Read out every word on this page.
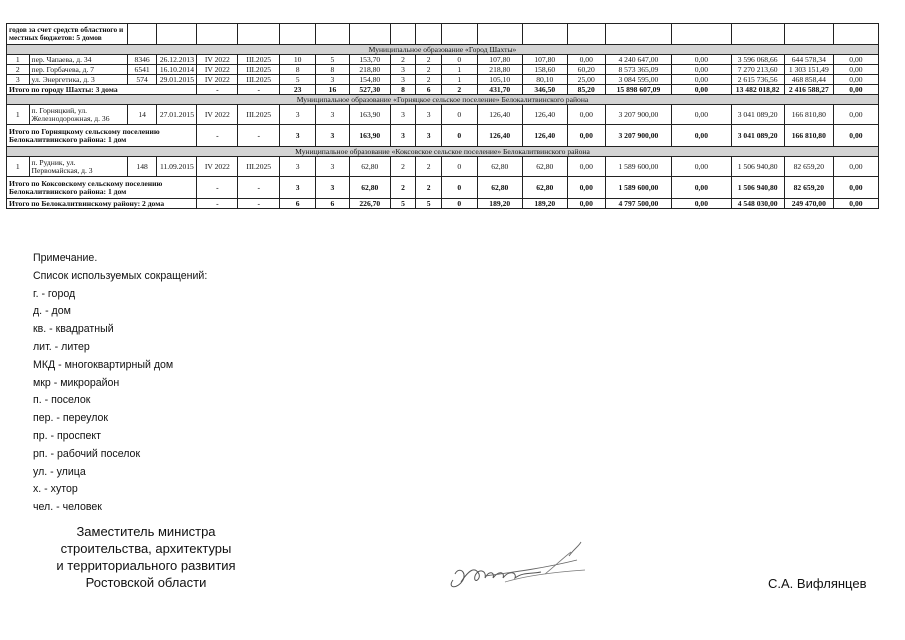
годов за счет средств областного и местных бюджетов: 5 домов																			
Муниципальное образование «Город Шахты»																			
1	пер. Чапаева, д. 34	8346	26.12.2013	IV 2022	III.2025	10	5	153,70	2	2	0	107,80	107,80	0,00	4 240 647,00	0,00	3 596 068,66	644 578,34	0,00
2	пер. Горбачева, д. 7	6541	16.10.2014	IV 2022	III.2025	8	8	218,80	3	2	1	218,80	158,60	60,20	8 573 365,09	0,00	7 270 213,60	1 303 151,49	0,00
3	ул. Энергетика, д. 3	574	29.01.2015	IV 2022	III.2025	5	3	154,80	3	2	1	105,10	80,10	25,00	3 084 595,00	0,00	2 615 736,56	468 858,44	0,00
Итого по городу Шахты: 3 дома				-	-	23	16	527,30	8	6	2	431,70	346,50	85,20	15 898 607,09	0,00	13 482 018,82	2 416 588,27	0,00
Муниципальное образование «Горняцкое сельское поселение» Белокалитвинского района																			
1	п. Горняцкий, ул. Железнодорожная, д. 36	14	27.01.2015	IV 2022	III.2025	3	3	163,90	3	3	0	126,40	126,40	0,00	3 207 900,00	0,00	3 041 089,20	166 810,80	0,00
Итого по Горняцкому сельскому поселению Белокалитвинского района: 1 дом				-	-	3	3	163,90	3	3	0	126,40	126,40	0,00	3 207 900,00	0,00	3 041 089,20	166 810,80	0,00
Муниципальное образование «Коксовское сельское поселение» Белокалитвинского района																			
1	п. Рудник, ул. Первомайская, д. 3	148	11.09.2015	IV 2022	III.2025	3	3	62,80	2	2	0	62,80	62,80	0,00	1 589 600,00	0,00	1 506 940,80	82 659,20	0,00
Итого по Коксовскому сельскому поселению Белокалитвинского района: 1 дом				-	-	3	3	62,80	2	2	0	62,80	62,80	0,00	1 589 600,00	0,00	1 506 940,80	82 659,20	0,00
Итого по Белокалитвинскому району: 2 дома				-	-	6	6	226,70	5	5	0	189,20	189,20	0,00	4 797 500,00	0,00	4 548 030,00	249 470,00	0,00
Примечание.
Список используемых сокращений:
г. - город
д. - дом
кв. - квадратный
лит. - литер
МКД - многоквартирный дом
мкр - микрорайон
п. - поселок
пер. - переулок
пр. - проспект
рп. - рабочий поселок
ул. - улица
х. - хутор
чел. - человек
Заместитель министра
строительства, архитектуры
и территориального развития
Ростовской области	С.А. Вифлянцев
